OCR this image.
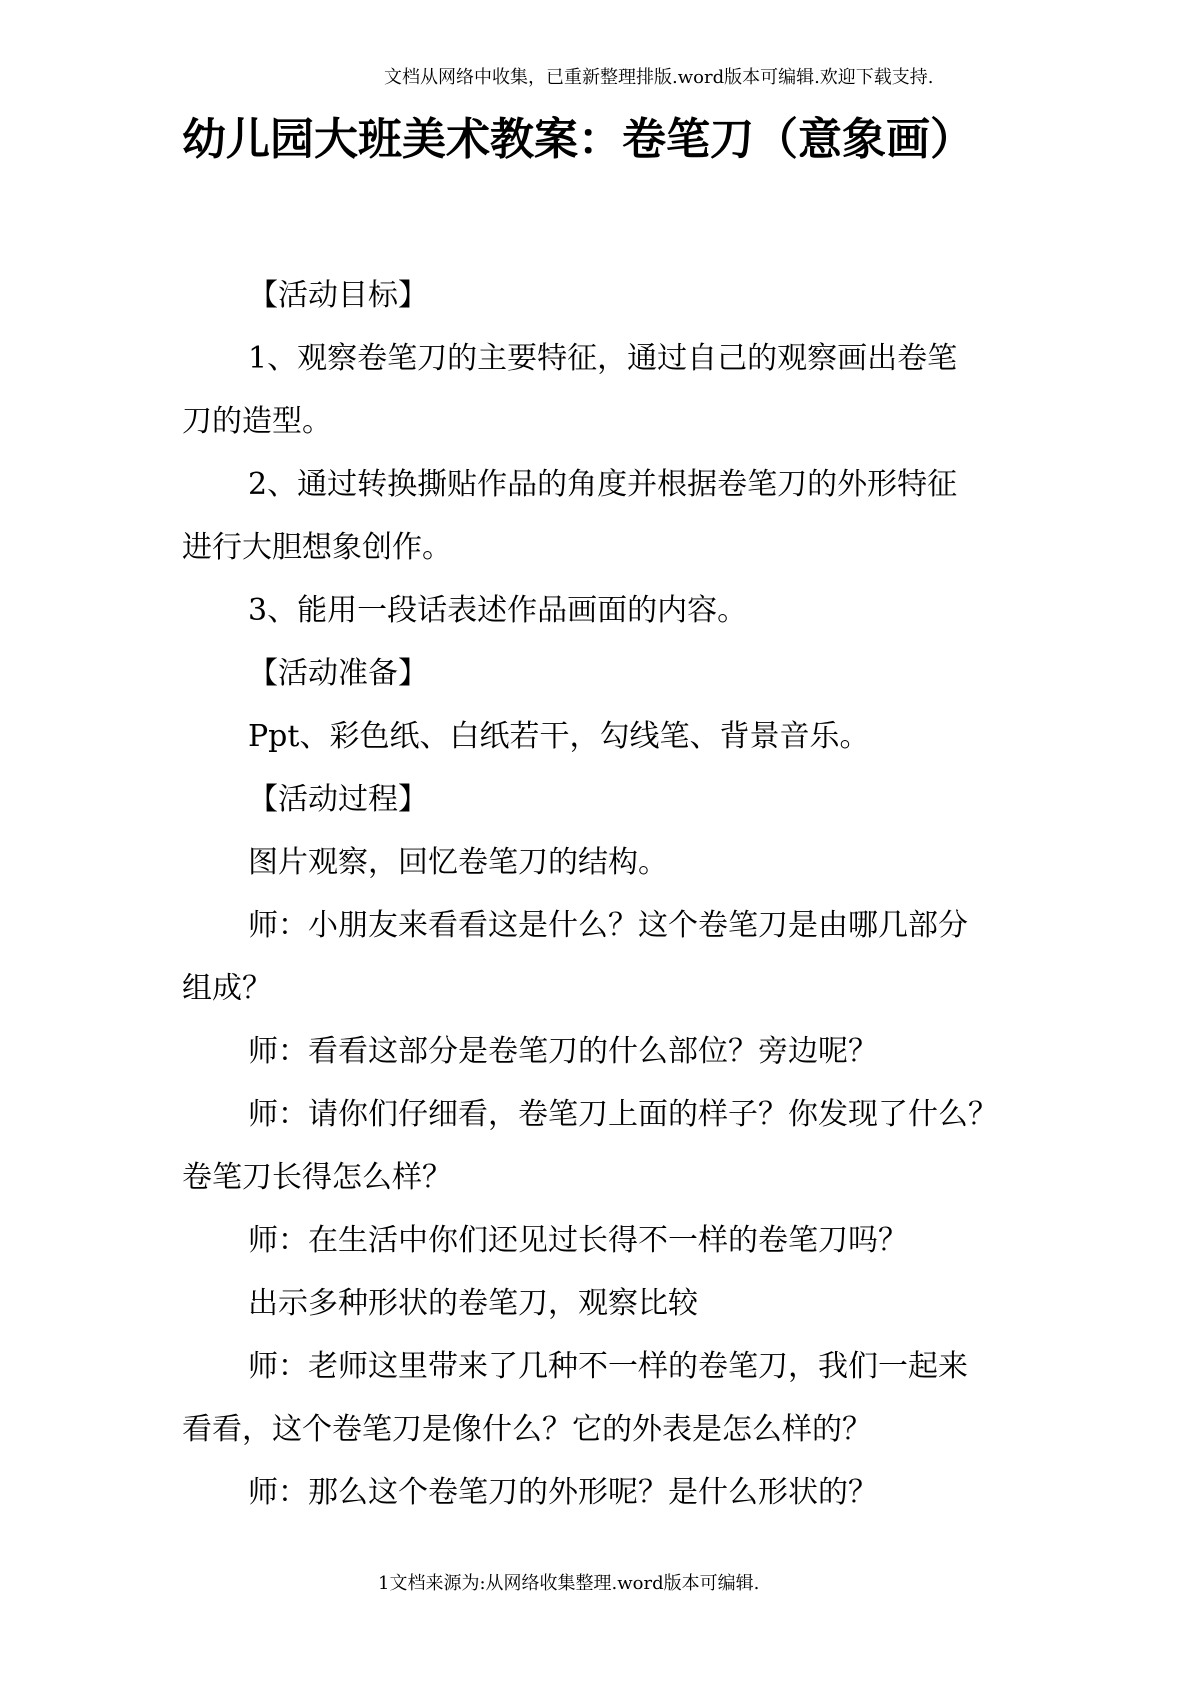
文档从网络中收集，已重新整理排版.word版本可编辑.欢迎下载支持.
幼儿园大班美术教案：卷笔刀（意象画）

【活动目标】

1、观察卷笔刀的主要特征，通过自己的观察画出卷笔

刀的造型。

2、通过转换撕贴作品的角度并根据卷笔刀的外形特征

进行大胆想象创作。

3、能用一段话表述作品画面的内容。

【活动准备】

Ppt、彩色纸、白纸若干，勾线笔、背景音乐。

【活动过程】

图片观察，回忆卷笔刀的结构。

师：小朋友来看看这是什么？这个卷笔刀是由哪几部分

组成？

师：看看这部分是卷笔刀的什么部位？旁边呢？

师：请你们仔细看，卷笔刀上面的样子？你发现了什么？

卷笔刀长得怎么样？

师：在生活中你们还见过长得不一样的卷笔刀吗？

出示多种形状的卷笔刀，观察比较

师：老师这里带来了几种不一样的卷笔刀，我们一起来

看看，这个卷笔刀是像什么？它的外表是怎么样的？

师：那么这个卷笔刀的外形呢？是什么形状的？

1文档来源为:从网络收集整理.word版本可编辑.
